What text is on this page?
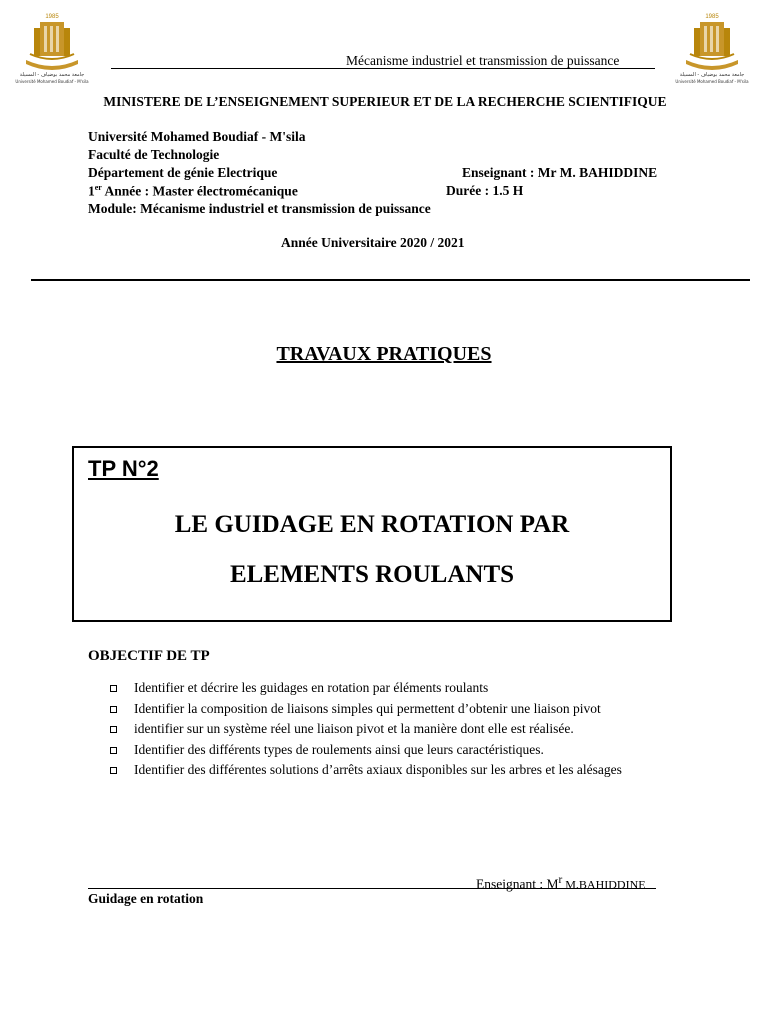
1985
جامعة محمد بوضياف - المسيلة
Université Mohamed Boudiaf - M'sila
1985
جامعة محمد بوضياف - المسيلة
Université Mohamed Boudiaf - M'sila
Mécanisme industriel et transmission de puissance
MINISTERE DE L’ENSEIGNEMENT SUPERIEUR ET DE LA RECHERCHE SCIENTIFIQUE
Université Mohamed Boudiaf - M'sila
Faculté de Technologie
Département de génie Electrique	Enseignant : Mr M. BAHIDDINE
1er Année : Master électromécanique	Durée : 1.5 H
Module: Mécanisme industriel et transmission de puissance
Année Universitaire 2020 / 2021
TRAVAUX PRATIQUES
TP N°2
LE GUIDAGE EN ROTATION PAR
ELEMENTS ROULANTS
OBJECTIF DE TP
Identifier et décrire les guidages en rotation par éléments roulants
Identifier la composition de liaisons simples qui permettent d’obtenir une liaison pivot
identifier sur un système réel une liaison pivot et la manière dont elle est réalisée.
Identifier des différents types de roulements ainsi que leurs caractéristiques.
Identifier des différentes solutions d’arrêts axiaux disponibles sur les arbres et les alésages
Enseignant : $M^r$ M.BAHIDDINE
Guidage en rotation
